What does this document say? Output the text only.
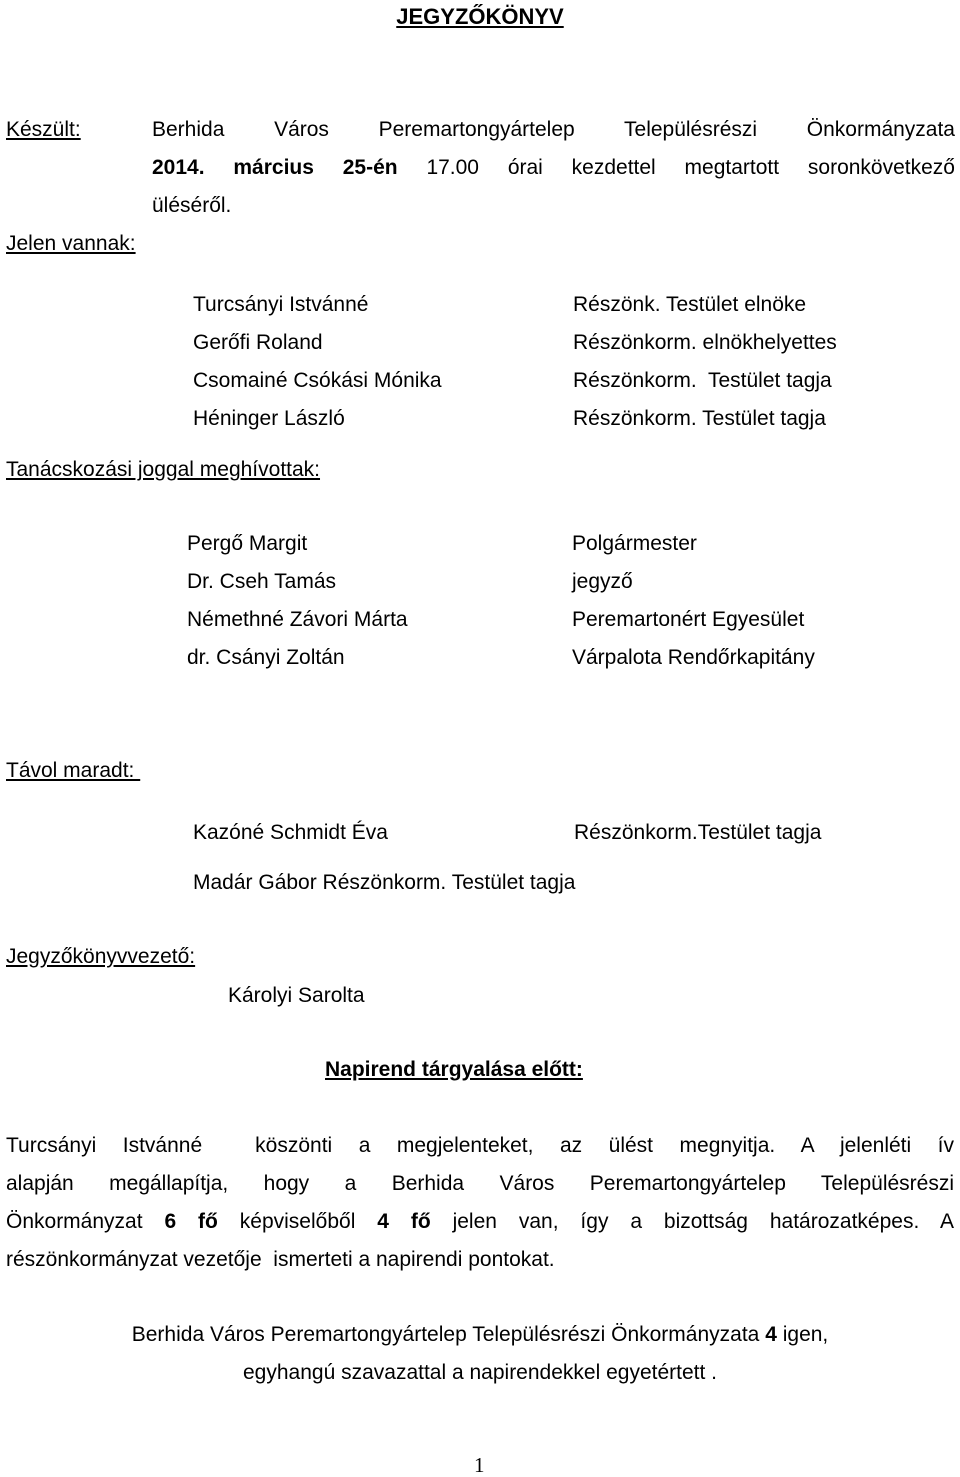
JEGYZŐKÖNYV
Készült:	Berhida Város Peremartongyártelep Településrészi Önkormányzata
2014. március 25-én 17.00 órai kezdettel megtartott soronkövetkező
üléséről.
Jelen vannak:
Turcsányi Istvánné	Részönk. Testület elnöke
Gerőfi Roland	Részönkorm. elnökhelyettes
Csomainé Csókási Mónika	Részönkorm.  Testület tagja
Héninger László	Részönkorm. Testület tagja
Tanácskozási joggal meghívottak:
Pergő Margit	Polgármester
Dr. Cseh Tamás	jegyző
Némethné Závori Márta	Peremartonért Egyesület
dr. Csányi Zoltán	Várpalota Rendőrkapitány
Távol maradt:
Kazóné Schmidt Éva	Részönkorm.Testület tagja
Madár Gábor Részönkorm. Testület tagja
Jegyzőkönyvvezető:
Károlyi Sarolta
Napirend tárgyalása előtt:
Turcsányi Istvánné  köszönti a megjelenteket, az ülést megnyitja. A jelenléti ív
alapján megállapítja, hogy a Berhida Város Peremartongyártelep Településrészi
Önkormányzat 6 fő képviselőből 4 fő jelen van, így a bizottság határozatképes. A
részönkormányzat vezetője  ismerteti a napirendi pontokat.
Berhida Város Peremartongyártelep Településrészi Önkormányzata 4 igen,
egyhangú szavazattal a napirendekkel egyetértett .
1
